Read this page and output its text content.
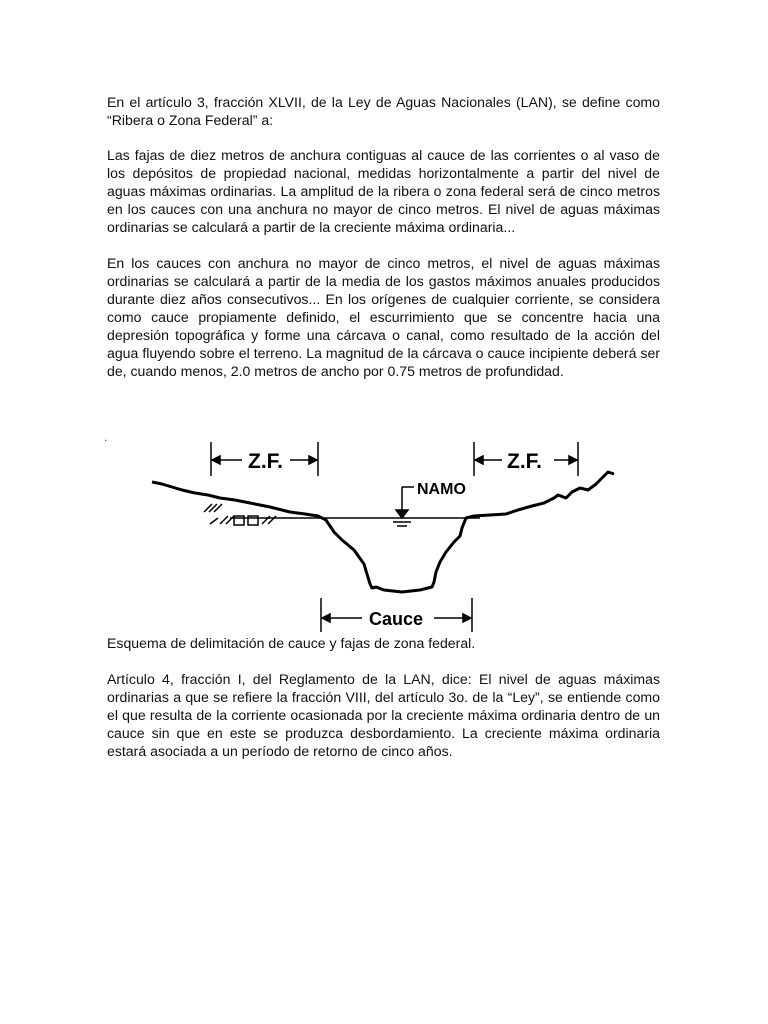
En el artículo 3, fracción XLVII, de la Ley de Aguas Nacionales (LAN), se define como “Ribera o Zona Federal” a:

Las fajas de diez metros de anchura contiguas al cauce de las corrientes o al vaso de los depósitos de propiedad nacional, medidas horizontalmente a partir del nivel de aguas máximas ordinarias. La amplitud de la ribera o zona federal será de cinco metros en los cauces con una anchura no mayor de cinco metros. El nivel de aguas máximas ordinarias se calculará a partir de la creciente máxima ordinaria...

En los cauces con anchura no mayor de cinco metros, el nivel de aguas máximas ordinarias se calculará a partir de la media de los gastos máximos anuales producidos durante diez años consecutivos... En los orígenes de cualquier corriente, se considera como cauce propiamente definido, el escurrimiento que se concentre hacia una depresión topográfica y forme una cárcava o canal, como resultado de la acción del agua fluyendo sobre el terreno. La magnitud de la cárcava o cauce incipiente deberá ser de, cuando menos, 2.0 metros de ancho por 0.75 metros de profundidad.

.
NAMO
Z.F.	Z.F.
Cauce

Esquema de delimitación de cauce y fajas de zona federal.

Artículo 4, fracción I, del Reglamento de la LAN, dice: El nivel de aguas máximas ordinarias a que se refiere la fracción VIII, del artículo 3o. de la “Ley”, se entiende como el que resulta de la corriente ocasionada por la creciente máxima ordinaria dentro de un cauce sin que en este se produzca desbordamiento. La creciente máxima ordinaria estará asociada a un período de retorno de cinco años.
